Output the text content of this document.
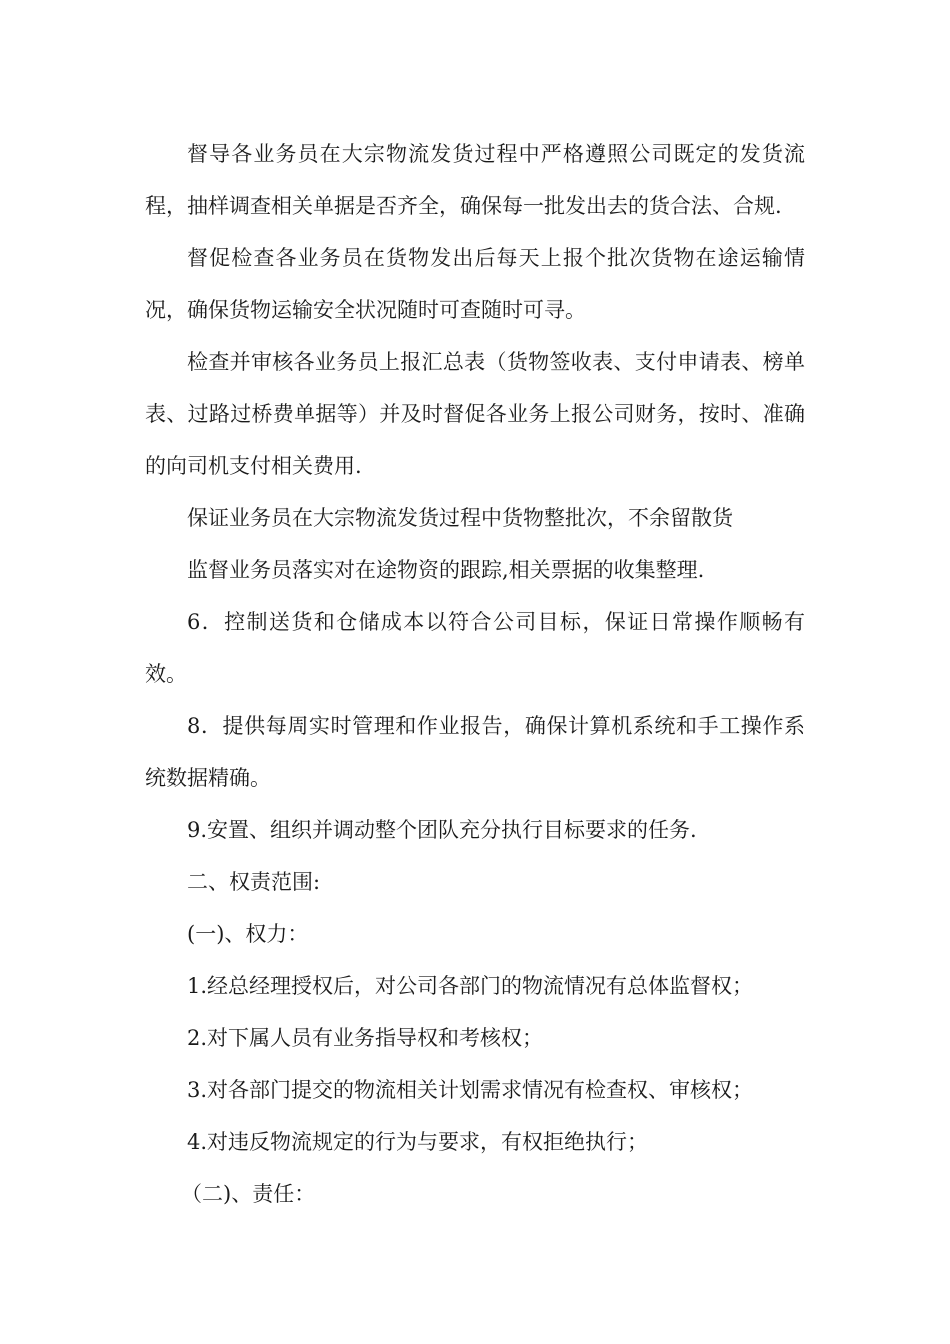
督导各业务员在大宗物流发货过程中严格遵照公司既定的发货流程，抽样调查相关单据是否齐全，确保每一批发出去的货合法、合规.

督促检查各业务员在货物发出后每天上报个批次货物在途运输情况，确保货物运输安全状况随时可查随时可寻。

检查并审核各业务员上报汇总表（货物签收表、支付申请表、榜单表、过路过桥费单据等）并及时督促各业务上报公司财务，按时、准确的向司机支付相关费用.

保证业务员在大宗物流发货过程中货物整批次，不余留散货

监督业务员落实对在途物资的跟踪,相关票据的收集整理.

6．控制送货和仓储成本以符合公司目标，保证日常操作顺畅有效。

8．提供每周实时管理和作业报告，确保计算机系统和手工操作系统数据精确。

9.安置、组织并调动整个团队充分执行目标要求的任务.

二、权责范围:

(一)、权力：

1.经总经理授权后，对公司各部门的物流情况有总体监督权；

2.对下属人员有业务指导权和考核权；

3.对各部门提交的物流相关计划需求情况有检查权、审核权；

4.对违反物流规定的行为与要求，有权拒绝执行；

（二)、责任：
